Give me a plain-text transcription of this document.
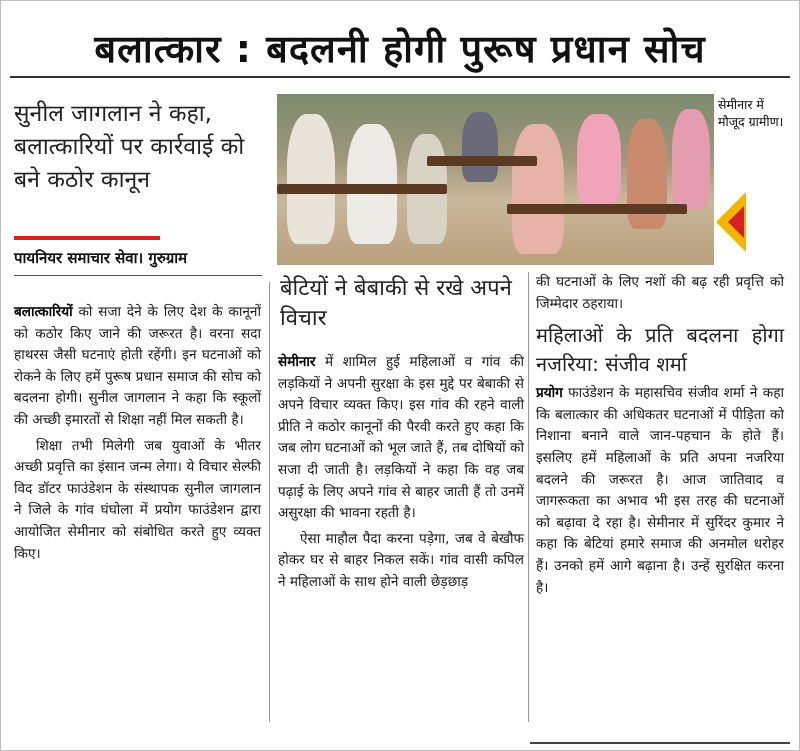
बलात्कार : बदलनी होगी पुरूष प्रधान सोच
सुनील जागलान ने कहा, बलात्कारियों पर कार्रवाई को बने कठोर कानून
पायनियर समाचार सेवा। गुरुग्राम
सेमीनार में मौजूद ग्रामीण।

बलात्कारियों को सजा देने के लिए देश के कानूनों को कठोर किए जाने की जरूरत है। वरना सदा हाथरस जैसी घटनाएं होती रहेंगी। इन घटनाओं को रोकने के लिए हमें पुरूष प्रधान समाज की सोच को बदलना होगी। सुनील जागलान ने कहा कि स्कूलों की अच्छी इमारतों से शिक्षा नहीं मिल सकती है।

शिक्षा तभी मिलेगी जब युवाओं के भीतर अच्छी प्रवृत्ति का इंसान जन्म लेगा। ये विचार सेल्फी विद डॉटर फाउंडेशन के संस्थापक सुनील जागलान ने जिले के गांव घंघोला में प्रयोग फाउंडेशन द्वारा आयोजित सेमीनार को संबोधित करते हुए व्यक्त किए।

बेटियों ने बेबाकी से रखे अपने विचार

सेमीनार में शामिल हुई महिलाओं व गांव की लड़कियों ने अपनी सुरक्षा के इस मुद्दे पर बेबाकी से अपने विचार व्यक्त किए। इस गांव की रहने वाली प्रीति ने कठोर कानूनों की पैरवी करते हुए कहा कि जब लोग घटनाओं को भूल जाते हैं, तब दोषियों को सजा दी जाती है। लड़कियों ने कहा कि वह जब पढ़ाई के लिए अपने गांव से बाहर जाती हैं तो उनमें असुरक्षा की भावना रहती है।

ऐसा माहौल पैदा करना पड़ेगा, जब वे बेखौफ होकर घर से बाहर निकल सकें। गांव वासी कपिल ने महिलाओं के साथ होने वाली छेड़छाड़

की घटनाओं के लिए नशों की बढ़ रही प्रवृत्ति को जिम्मेदार ठहराया।

महिलाओं के प्रति बदलना होगा नजरिया: संजीव शर्मा

प्रयोग फाउंडेशन के महासचिव संजीव शर्मा ने कहा कि बलात्कार की अधिकतर घटनाओं में पीड़िता को निशाना बनाने वाले जान-पहचान के होते हैं। इसलिए हमें महिलाओं के प्रति अपना नजरिया बदलने की जरूरत है। आज जातिवाद व जागरूकता का अभाव भी इस तरह की घटनाओं को बढ़ावा दे रहा है। सेमीनार में सुरिंदर कुमार ने कहा कि बेटियां हमारे समाज की अनमोल धरोहर हैं। उनको हमें आगे बढ़ाना है। उन्हें सुरक्षित करना है।
